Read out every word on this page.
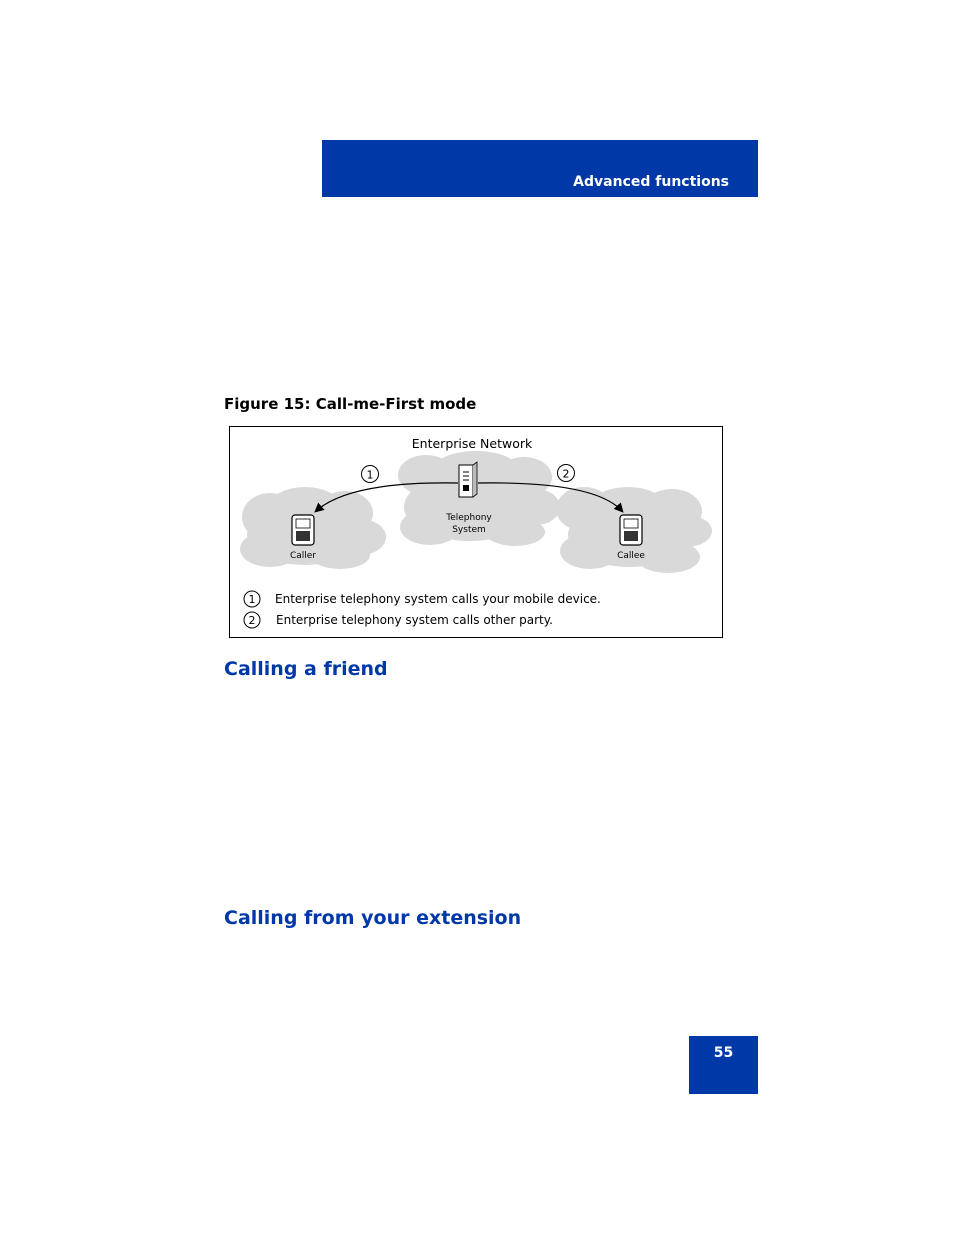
Advanced functions
Figure 15: Call-me-First mode
Enterprise Network
1	2
Telephony
System
Caller	Callee
1 Enterprise telephony system calls your mobile device.
2 Enterprise telephony system calls other party.
Calling a friend
Calling from your extension
55
